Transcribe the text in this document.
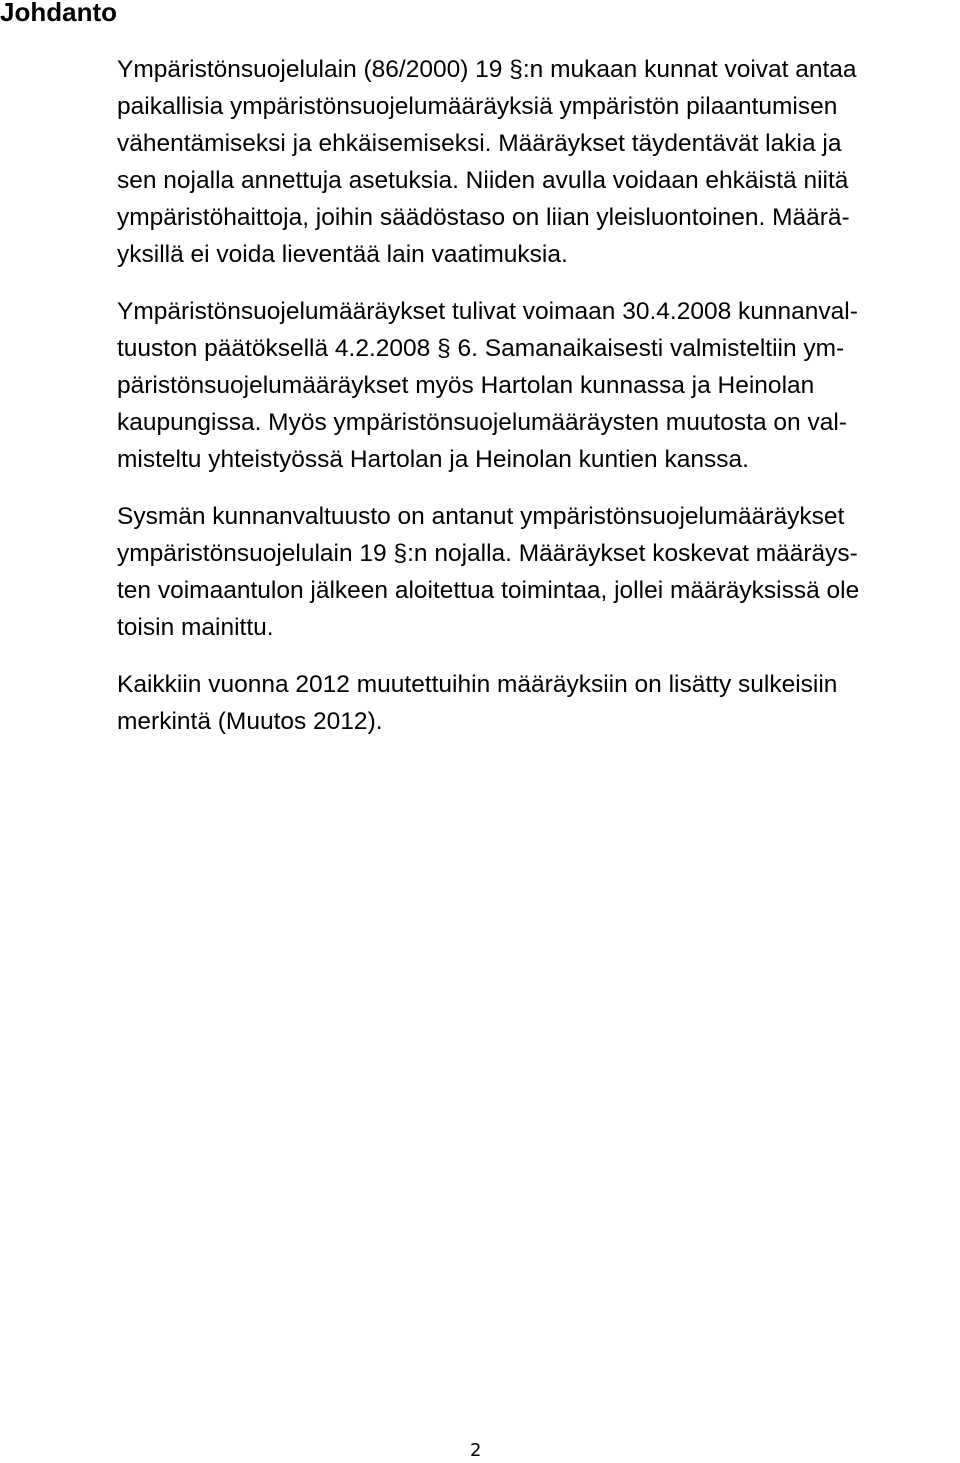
Johdanto

Ympäristönsuojelulain (86/2000) 19 §:n mukaan kunnat voivat antaa
paikallisia ympäristönsuojelumääräyksiä ympäristön pilaantumisen
vähentämiseksi ja ehkäisemiseksi. Määräykset täydentävät lakia ja
sen nojalla annettuja asetuksia. Niiden avulla voidaan ehkäistä niitä
ympäristöhaittoja, joihin säädöstaso on liian yleisluontoinen. Määrä-
yksillä ei voida lieventää lain vaatimuksia.

Ympäristönsuojelumääräykset tulivat voimaan 30.4.2008 kunnanval-
tuuston päätöksellä 4.2.2008 § 6. Samanaikaisesti valmisteltiin ym-
päristönsuojelumääräykset myös Hartolan kunnassa ja Heinolan
kaupungissa. Myös ympäristönsuojelumääräysten muutosta on val-
misteltu yhteistyössä Hartolan ja Heinolan kuntien kanssa.

Sysmän kunnanvaltuusto on antanut ympäristönsuojelumääräykset
ympäristönsuojelulain 19 §:n nojalla. Määräykset koskevat määräys-
ten voimaantulon jälkeen aloitettua toimintaa, jollei määräyksissä ole
toisin mainittu.

Kaikkiin vuonna 2012 muutettuihin määräyksiin on lisätty sulkeisiin
merkintä (Muutos 2012).

2
